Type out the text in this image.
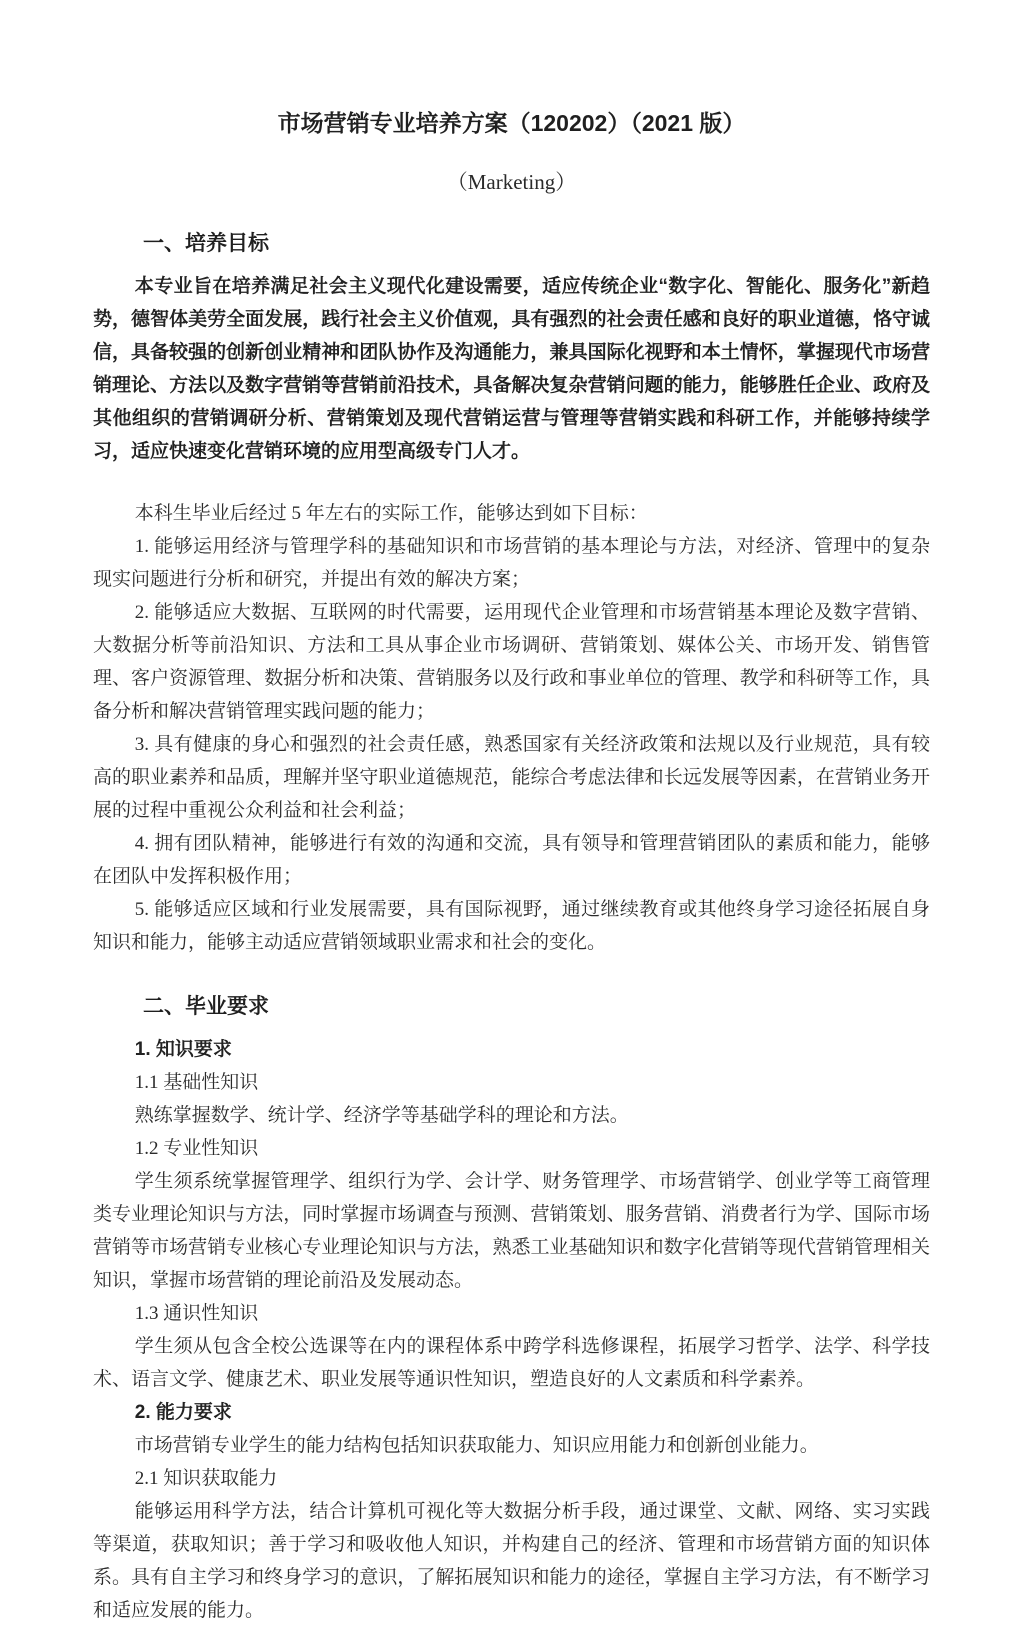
市场营销专业培养方案（120202）（2021 版）

（Marketing）

一、培养目标

本专业旨在培养满足社会主义现代化建设需要，适应传统企业“数字化、智能化、服务化”新趋势，德智体美劳全面发展，践行社会主义价值观，具有强烈的社会责任感和良好的职业道德，恪守诚信，具备较强的创新创业精神和团队协作及沟通能力，兼具国际化视野和本土情怀，掌握现代市场营销理论、方法以及数字营销等营销前沿技术，具备解决复杂营销问题的能力，能够胜任企业、政府及其他组织的营销调研分析、营销策划及现代营销运营与管理等营销实践和科研工作，并能够持续学习，适应快速变化营销环境的应用型高级专门人才。

本科生毕业后经过 5 年左右的实际工作，能够达到如下目标：

1. 能够运用经济与管理学科的基础知识和市场营销的基本理论与方法，对经济、管理中的复杂现实问题进行分析和研究，并提出有效的解决方案；

2. 能够适应大数据、互联网的时代需要，运用现代企业管理和市场营销基本理论及数字营销、大数据分析等前沿知识、方法和工具从事企业市场调研、营销策划、媒体公关、市场开发、销售管理、客户资源管理、数据分析和决策、营销服务以及行政和事业单位的管理、教学和科研等工作，具备分析和解决营销管理实践问题的能力；

3. 具有健康的身心和强烈的社会责任感，熟悉国家有关经济政策和法规以及行业规范，具有较高的职业素养和品质，理解并坚守职业道德规范，能综合考虑法律和长远发展等因素，在营销业务开展的过程中重视公众利益和社会利益；

4. 拥有团队精神，能够进行有效的沟通和交流，具有领导和管理营销团队的素质和能力，能够在团队中发挥积极作用；

5. 能够适应区域和行业发展需要，具有国际视野，通过继续教育或其他终身学习途径拓展自身知识和能力，能够主动适应营销领域职业需求和社会的变化。

二、毕业要求

1. 知识要求

1.1 基础性知识

熟练掌握数学、统计学、经济学等基础学科的理论和方法。

1.2 专业性知识

学生须系统掌握管理学、组织行为学、会计学、财务管理学、市场营销学、创业学等工商管理类专业理论知识与方法，同时掌握市场调查与预测、营销策划、服务营销、消费者行为学、国际市场营销等市场营销专业核心专业理论知识与方法，熟悉工业基础知识和数字化营销等现代营销管理相关知识，掌握市场营销的理论前沿及发展动态。

1.3 通识性知识

学生须从包含全校公选课等在内的课程体系中跨学科选修课程，拓展学习哲学、法学、科学技术、语言文学、健康艺术、职业发展等通识性知识，塑造良好的人文素质和科学素养。

2. 能力要求

市场营销专业学生的能力结构包括知识获取能力、知识应用能力和创新创业能力。

2.1 知识获取能力

能够运用科学方法，结合计算机可视化等大数据分析手段，通过课堂、文献、网络、实习实践等渠道，获取知识；善于学习和吸收他人知识，并构建自己的经济、管理和市场营销方面的知识体系。具有自主学习和终身学习的意识，了解拓展知识和能力的途径，掌握自主学习方法，有不断学习和适应发展的能力。
